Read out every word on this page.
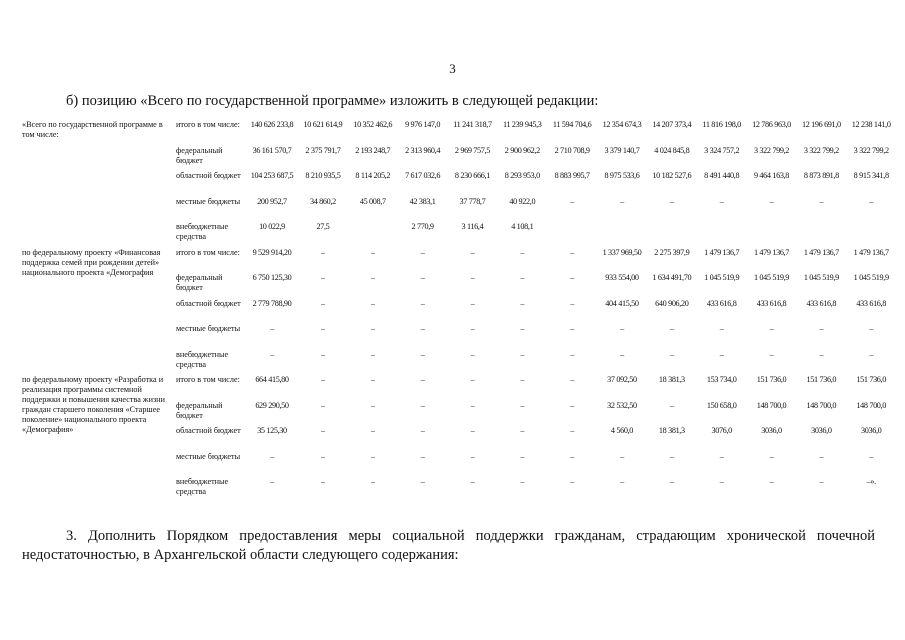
3
б) позицию «Всего по государственной программе» изложить в следующей редакции:
«Всего по государственной программе в том числе:	итого в том числе:	140 626 233,8	10 621 614,9	10 352 462,6	9 976 147,0	11 241 318,7	11 239 945,3	11 594 704,6	12 354 674,3	14 207 373,4	11 816 198,0	12 786 963,0	12 196 691,0	12 238 141,0
	федеральный бюджет	36 161 570,7	2 375 791,7	2 193 248,7	2 313 960,4	2 969 757,5	2 900 962,2	2 710 708,9	3 379 140,7	4 024 845,8	3 324 757,2	3 322 799,2	3 322 799,2	3 322 799,2
	областной бюджет	104 253 687,5	8 210 935,5	8 114 205,2	7 617 032,6	8 230 666,1	8 293 953,0	8 883 995,7	8 975 533,6	10 182 527,6	8 491 440,8	9 464 163,8	8 873 891,8	8 915 341,8
	местные бюджеты	200 952,7	34 860,2	45 008,7	42 383,1	37 778,7	40 922,0	–	–	–	–	–	–	–
	внебюджетные средства	10 022,9	27,5		2 770,9	3 116,4	4 108,1							
по федеральному проекту «Финансовая поддержка семей при рождении детей» национального проекта «Демография	итого в том числе:	9 529 914,20	–	–	–	–	–	–	1 337 969,50	2 275 397,9	1 479 136,7	1 479 136,7	1 479 136,7	1 479 136,7
	федеральный бюджет	6 750 125,30	–	–	–	–	–	–	933 554,00	1 634 491,70	1 045 519,9	1 045 519,9	1 045 519,9	1 045 519,9
	областной бюджет	2 779 788,90	–	–	–	–	–	–	404 415,50	640 906,20	433 616,8	433 616,8	433 616,8	433 616,8
	местные бюджеты	–	–	–	–	–	–	–	–	–	–	–	–	–
	внебюджетные средства	–	–	–	–	–	–	–	–	–	–	–	–	–
по федеральному проекту «Разработка и реализация программы системной поддержки и повышения качества жизни граждан старшего поколения «Старшее поколение» национального проекта «Демография»	итого в том числе:	664 415,80	–	–	–	–	–	–	37 092,50	18 381,3	153 734,0	151 736,0	151 736,0	151 736,0
	федеральный бюджет	629 290,50	–	–	–	–	–	–	32 532,50	–	150 658,0	148 700,0	148 700,0	148 700,0
	областной бюджет	35 125,30	–	–	–	–	–	–	4 560,0	18 381,3	3076,0	3036,0	3036,0	3036,0
	местные бюджеты	–	–	–	–	–	–	–	–	–	–	–	–	–
	внебюджетные средства	–	–	–	–	–	–	–	–	–	–	–	–	–».
3. Дополнить Порядком предоставления меры социальной поддержки гражданам, страдающим хронической почечной недостаточностью, в Архангельской области следующего содержания:
